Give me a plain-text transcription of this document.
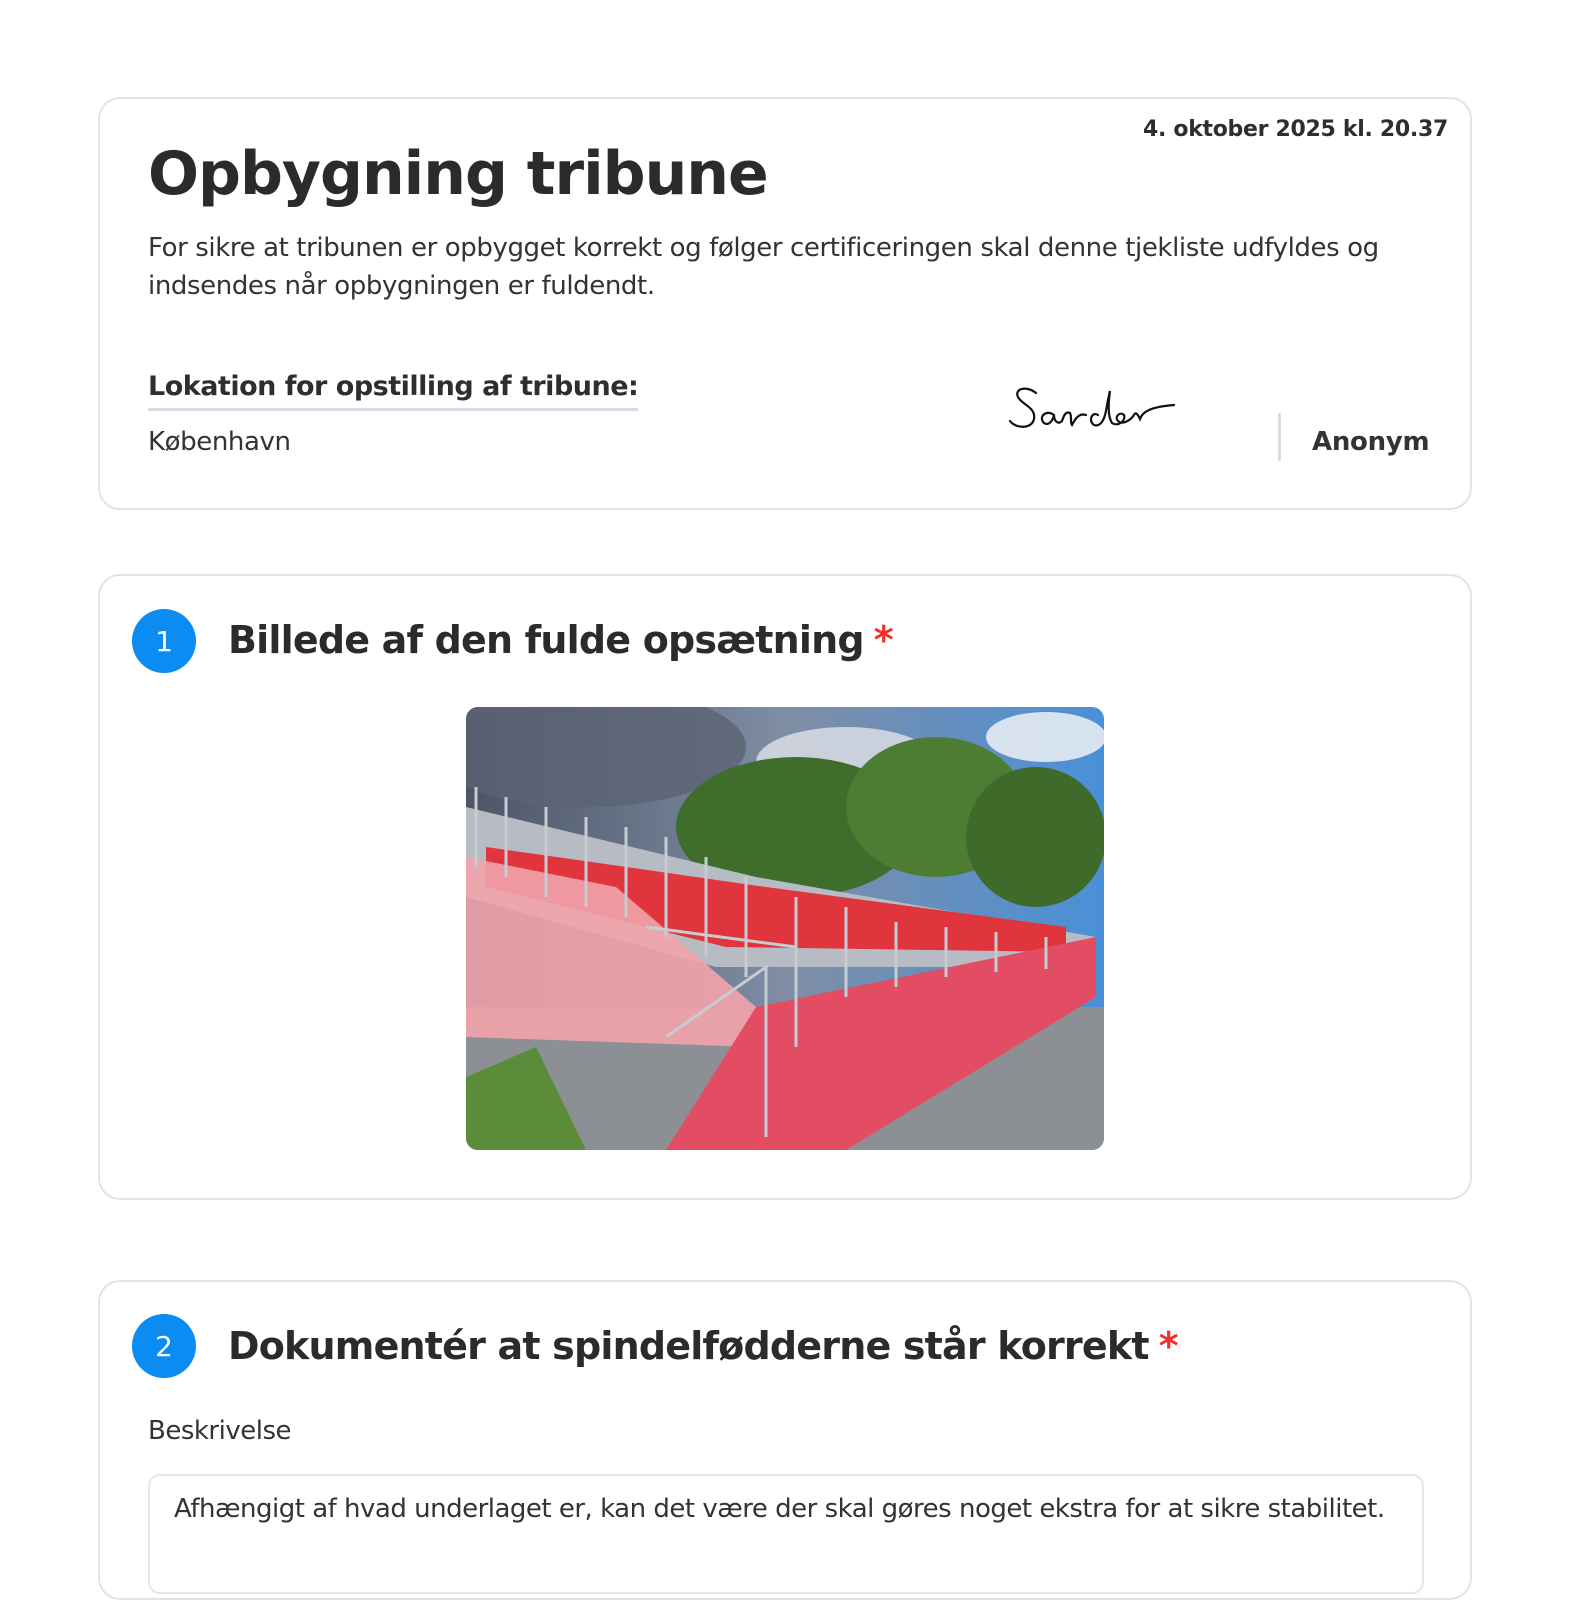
4. oktober 2025 kl. 20.37
Opbygning tribune
For sikre at tribunen er opbygget korrekt og følger certificeringen skal denne tjekliste udfyldes og indsendes når opbygningen er fuldendt.
Lokation for opstilling af tribune:
København	Anonym
1	Billede af den fulde opsætning *
2	Dokumentér at spindelfødderne står korrekt *
Beskrivelse
Afhængigt af hvad underlaget er, kan det være der skal gøres noget ekstra for at sikre stabilitet.
